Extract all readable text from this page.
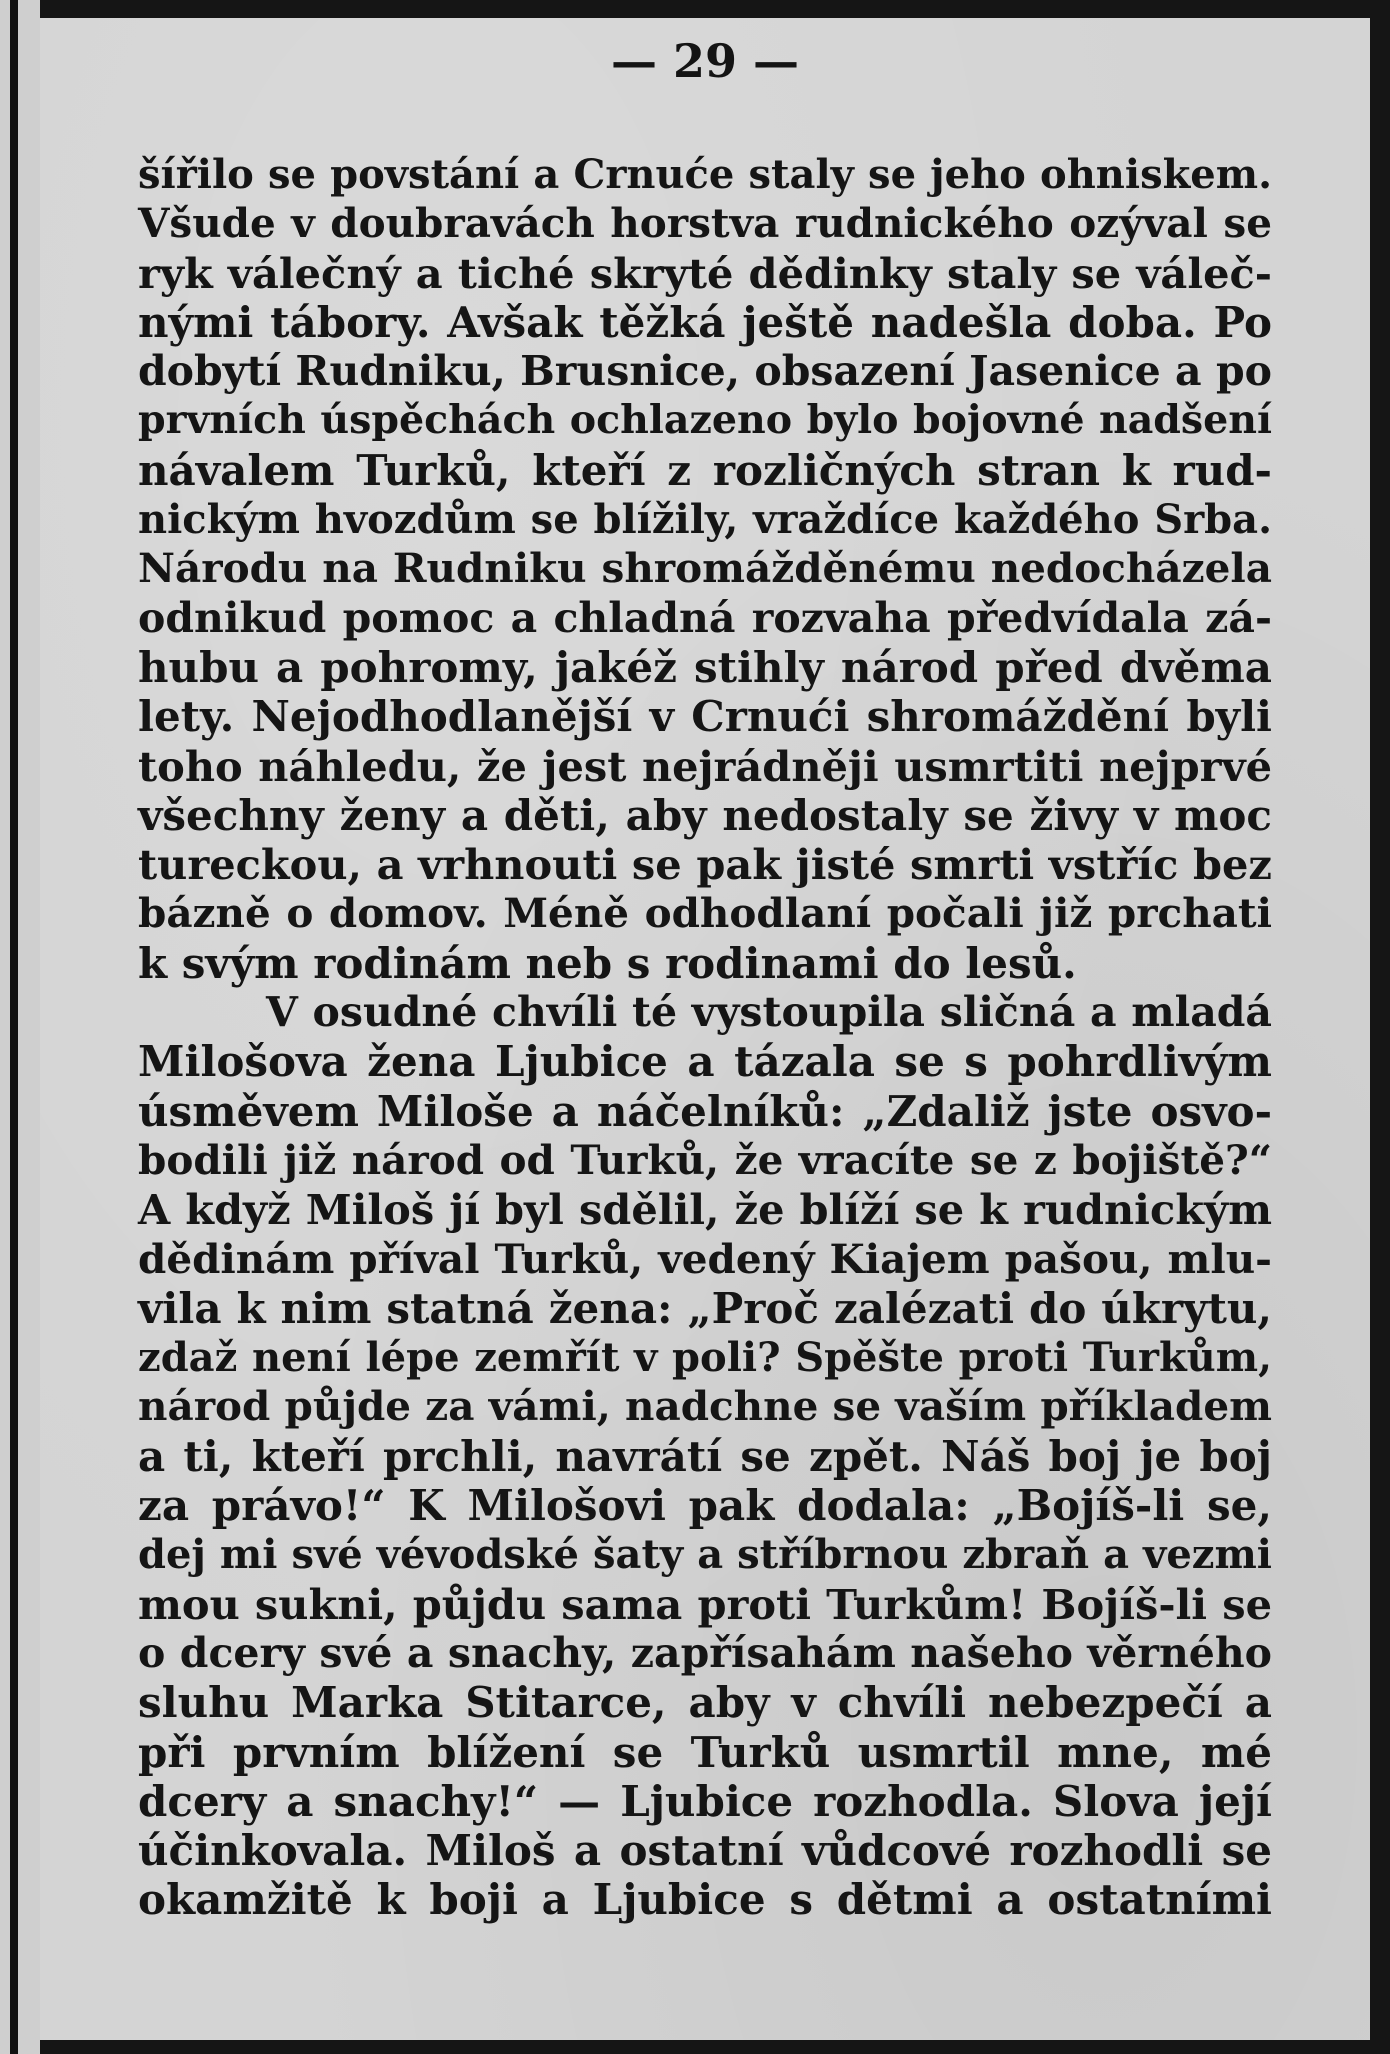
— 29 —
šířilo se povstání a Crnuće staly se jeho ohniskem.
Všude v doubravách horstva rudnického ozýval se
ryk válečný a tiché skryté dědinky staly se váleč-
nými tábory. Avšak těžká ještě nadešla doba. Po
dobytí Rudniku, Brusnice, obsazení Jasenice a po
prvních úspěchách ochlazeno bylo bojovné nadšení
návalem Turků, kteří z rozličných stran k rud-
nickým hvozdům se blížily, vraždíce každého Srba.
Národu na Rudniku shromážděnému nedocházela
odnikud pomoc a chladná rozvaha předvídala zá-
hubu a pohromy, jakéž stihly národ před dvěma
lety. Nejodhodlanější v Crnući shromáždění byli
toho náhledu, že jest nejrádněji usmrtiti nejprvé
všechny ženy a děti, aby nedostaly se živy v moc
tureckou, a vrhnouti se pak jisté smrti vstříc bez
bázně o domov. Méně odhodlaní počali již prchati
k svým rodinám neb s rodinami do lesů.
V osudné chvíli té vystoupila sličná a mladá
Milošova žena Ljubice a tázala se s pohrdlivým
úsměvem Miloše a náčelníků: „Zdaliž jste osvo-
bodili již národ od Turků, že vracíte se z bojiště?“
A když Miloš jí byl sdělil, že blíží se k rudnickým
dědinám příval Turků, vedený Kiajem pašou, mlu-
vila k nim statná žena: „Proč zalézati do úkrytu,
zdaž není lépe zemřít v poli? Spěšte proti Turkům,
národ půjde za vámi, nadchne se vaším příkladem
a ti, kteří prchli, navrátí se zpět. Náš boj je boj
za právo!“ K Milošovi pak dodala: „Bojíš-li se,
dej mi své vévodské šaty a stříbrnou zbraň a vezmi
mou sukni, půjdu sama proti Turkům! Bojíš-li se
o dcery své a snachy, zapřísahám našeho věrného
sluhu Marka Stitarce, aby v chvíli nebezpečí a
při prvním blížení se Turků usmrtil mne, mé
dcery a snachy!“ — Ljubice rozhodla. Slova její
účinkovala. Miloš a ostatní vůdcové rozhodli se
okamžitě k boji a Ljubice s dětmi a ostatními
